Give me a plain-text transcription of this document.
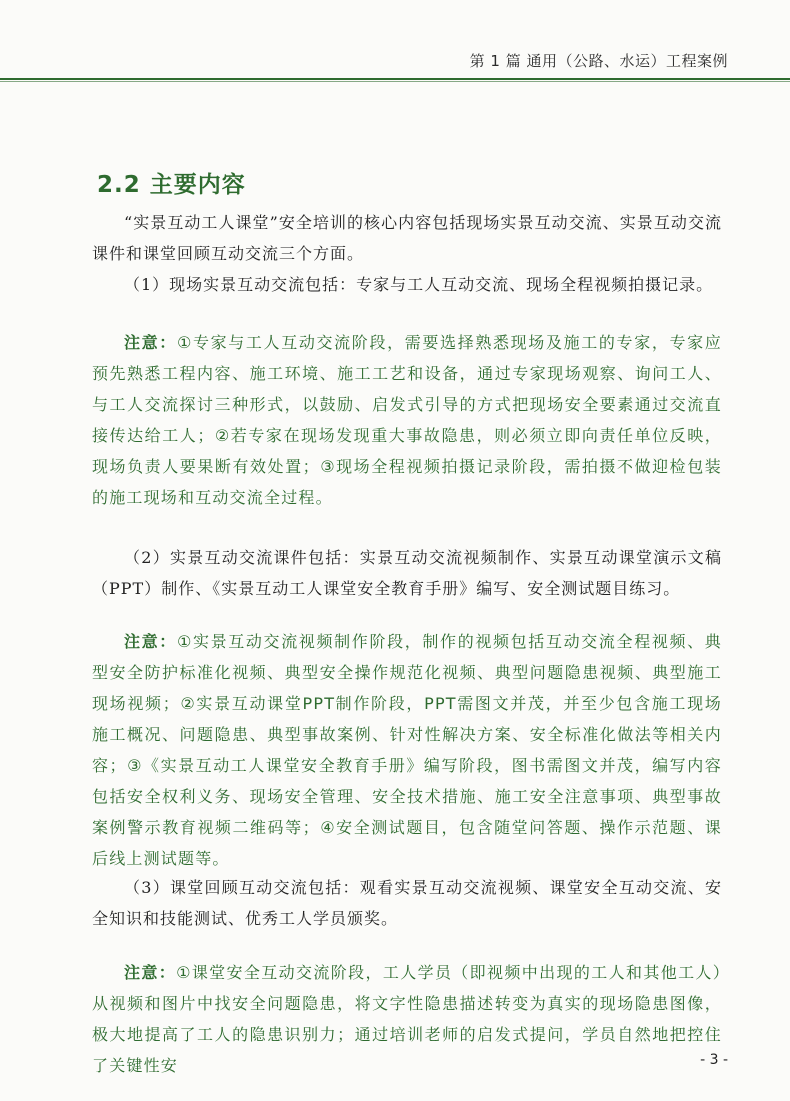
第 1 篇 通用（公路、水运）工程案例
2.2 主要内容
“实景互动工人课堂”安全培训的核心内容包括现场实景互动交流、实景互动交流课件和课堂回顾互动交流三个方面。
（1）现场实景互动交流包括：专家与工人互动交流、现场全程视频拍摄记录。
注意：①专家与工人互动交流阶段，需要选择熟悉现场及施工的专家，专家应预先熟悉工程内容、施工环境、施工工艺和设备，通过专家现场观察、询问工人、与工人交流探讨三种形式，以鼓励、启发式引导的方式把现场安全要素通过交流直接传达给工人；②若专家在现场发现重大事故隐患，则必须立即向责任单位反映，现场负责人要果断有效处置；③现场全程视频拍摄记录阶段，需拍摄不做迎检包装的施工现场和互动交流全过程。
（2）实景互动交流课件包括：实景互动交流视频制作、实景互动课堂演示文稿（PPT）制作、《实景互动工人课堂安全教育手册》编写、安全测试题目练习。
注意：①实景互动交流视频制作阶段，制作的视频包括互动交流全程视频、典型安全防护标准化视频、典型安全操作规范化视频、典型问题隐患视频、典型施工现场视频；②实景互动课堂PPT制作阶段，PPT需图文并茂，并至少包含施工现场施工概况、问题隐患、典型事故案例、针对性解决方案、安全标准化做法等相关内容；③《实景互动工人课堂安全教育手册》编写阶段，图书需图文并茂，编写内容包括安全权利义务、现场安全管理、安全技术措施、施工安全注意事项、典型事故案例警示教育视频二维码等；④安全测试题目，包含随堂问答题、操作示范题、课后线上测试题等。
（3）课堂回顾互动交流包括：观看实景互动交流视频、课堂安全互动交流、安全知识和技能测试、优秀工人学员颁奖。
注意：①课堂安全互动交流阶段，工人学员（即视频中出现的工人和其他工人）从视频和图片中找安全问题隐患，将文字性隐患描述转变为真实的现场隐患图像，极大地提高了工人的隐患识别力；通过培训老师的启发式提问，学员自然地把控住了关键性安	- 3 -
